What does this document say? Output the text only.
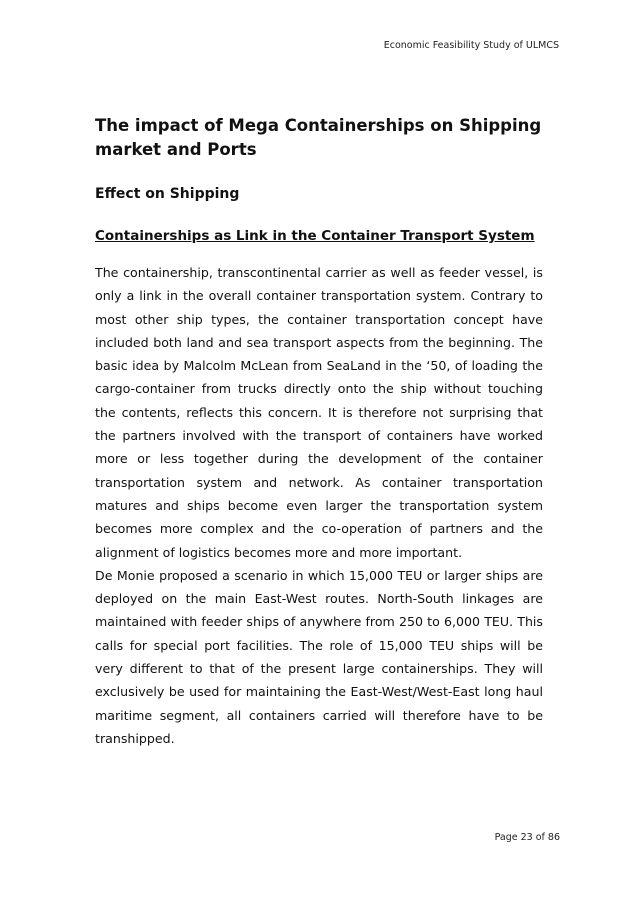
Economic Feasibility Study of ULMCS
The impact of Mega Containerships on Shipping market and Ports
Effect on Shipping
Containerships as Link in the Container Transport System

The containership, transcontinental carrier as well as feeder vessel, is only a link in the overall container transportation system. Contrary to most other ship types, the container transportation concept have included both land and sea transport aspects from the beginning. The basic idea by Malcolm McLean from SeaLand in the ‘50, of loading the cargo-container from trucks directly onto the ship without touching the contents, reflects this concern. It is therefore not surprising that the partners involved with the transport of containers have worked more or less together during the development of the container transportation system and network. As container transportation matures and ships become even larger the transportation system becomes more complex and the co-operation of partners and the alignment of logistics becomes more and more important.

De Monie proposed a scenario in which 15,000 TEU or larger ships are deployed on the main East-West routes. North-South linkages are maintained with feeder ships of anywhere from 250 to 6,000 TEU. This calls for special port facilities. The role of 15,000 TEU ships will be very different to that of the present large containerships. They will exclusively be used for maintaining the East-West/West-East long haul maritime segment, all containers carried will therefore have to be transhipped.

Page 23 of 86
